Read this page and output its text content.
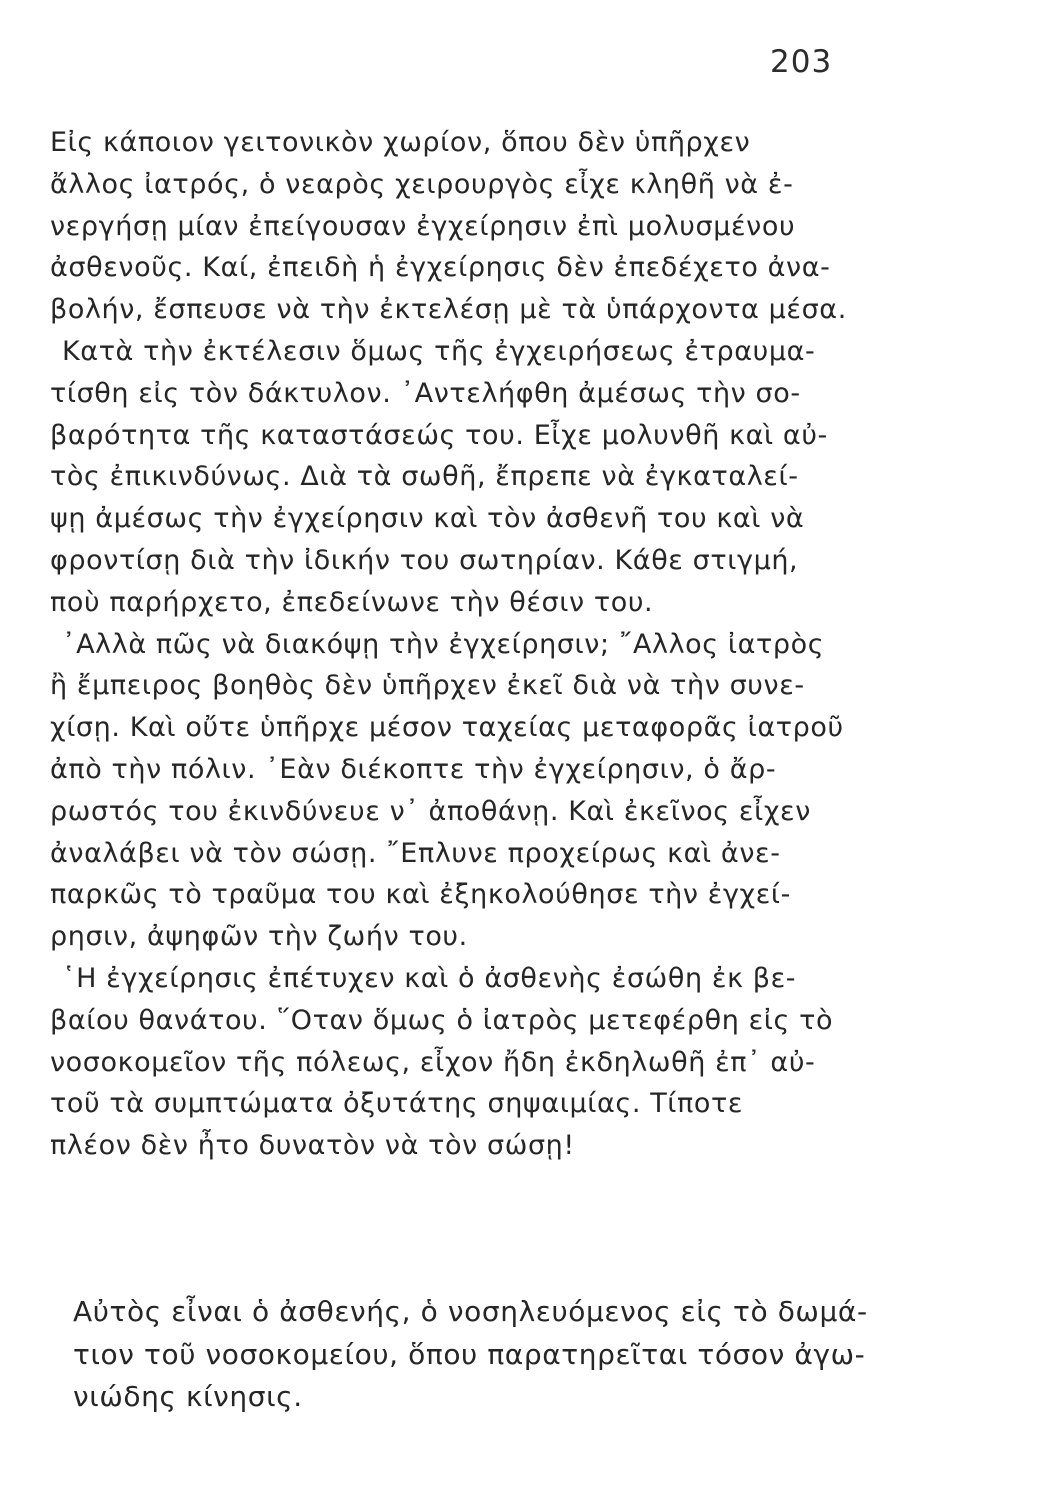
203
Εἰς κάποιον γειτονικὸν χωρίον, ὅπου δὲν ὑπῆρχεν
ἄλλος ἰατρός, ὁ νεαρὸς χειρουργὸς εἶχε κληθῆ νὰ ἐ-
νεργήσῃ μίαν ἐπείγουσαν ἐγχείρησιν ἐπὶ μολυσμένου
ἀσθενοῦς. Καί, ἐπειδὴ ἡ ἐγχείρησις δὲν ἐπεδέχετο ἀνα-
βολήν, ἔσπευσε νὰ τὴν ἐκτελέσῃ μὲ τὰ ὑπάρχοντα μέσα.
Κατὰ τὴν ἐκτέλεσιν ὅμως τῆς ἐγχειρήσεως ἐτραυμα-
τίσθη εἰς τὸν δάκτυλον. ᾿Αντελήφθη ἀμέσως τὴν σο-
βαρότητα τῆς καταστάσεώς του. Εἶχε μολυνθῆ καὶ αὐ-
τὸς ἐπικινδύνως. Διὰ τὰ σωθῆ, ἔπρεπε νὰ ἐγκαταλεί-
ψῃ ἀμέσως τὴν ἐγχείρησιν καὶ τὸν ἀσθενῆ του καὶ νὰ
φροντίσῃ διὰ τὴν ἰδικήν του σωτηρίαν. Κάθε στιγμή,
ποὺ παρήρχετο, ἐπεδείνωνε τὴν θέσιν του.
᾿Αλλὰ πῶς νὰ διακόψῃ τὴν ἐγχείρησιν; ῎Αλλος ἰατρὸς
ἢ ἔμπειρος βοηθὸς δὲν ὑπῆρχεν ἐκεῖ διὰ νὰ τὴν συνε-
χίσῃ. Καὶ οὔτε ὑπῆρχε μέσον ταχείας μεταφορᾶς ἰατροῦ
ἀπὸ τὴν πόλιν. ᾿Εὰν διέκοπτε τὴν ἐγχείρησιν, ὁ ἄρ-
ρωστός του ἐκινδύνευε ν᾿ ἀποθάνῃ. Καὶ ἐκεῖνος εἶχεν
ἀναλάβει νὰ τὸν σώσῃ. ῎Επλυνε προχείρως καὶ ἀνε-
παρκῶς τὸ τραῦμα του καὶ ἐξηκολούθησε τὴν ἐγχεί-
ρησιν, ἀψηφῶν τὴν ζωήν του.
῾Η ἐγχείρησις ἐπέτυχεν καὶ ὁ ἀσθενὴς ἐσώθη ἐκ βε-
βαίου θανάτου. ῞Οταν ὅμως ὁ ἰατρὸς μετεφέρθη εἰς τὸ
νοσοκομεῖον τῆς πόλεως, εἶχον ἤδη ἐκδηλωθῆ ἐπ᾿ αὐ-
τοῦ τὰ συμπτώματα ὀξυτάτης σηψαιμίας. Τίποτε
πλέον δὲν ἦτο δυνατὸν νὰ τὸν σώσῃ!
Αὐτὸς εἶναι ὁ ἀσθενής, ὁ νοσηλευόμενος εἰς τὸ δωμά-
τιον τοῦ νοσοκομείου, ὅπου παρατηρεῖται τόσον ἀγω-
νιώδης κίνησις.
